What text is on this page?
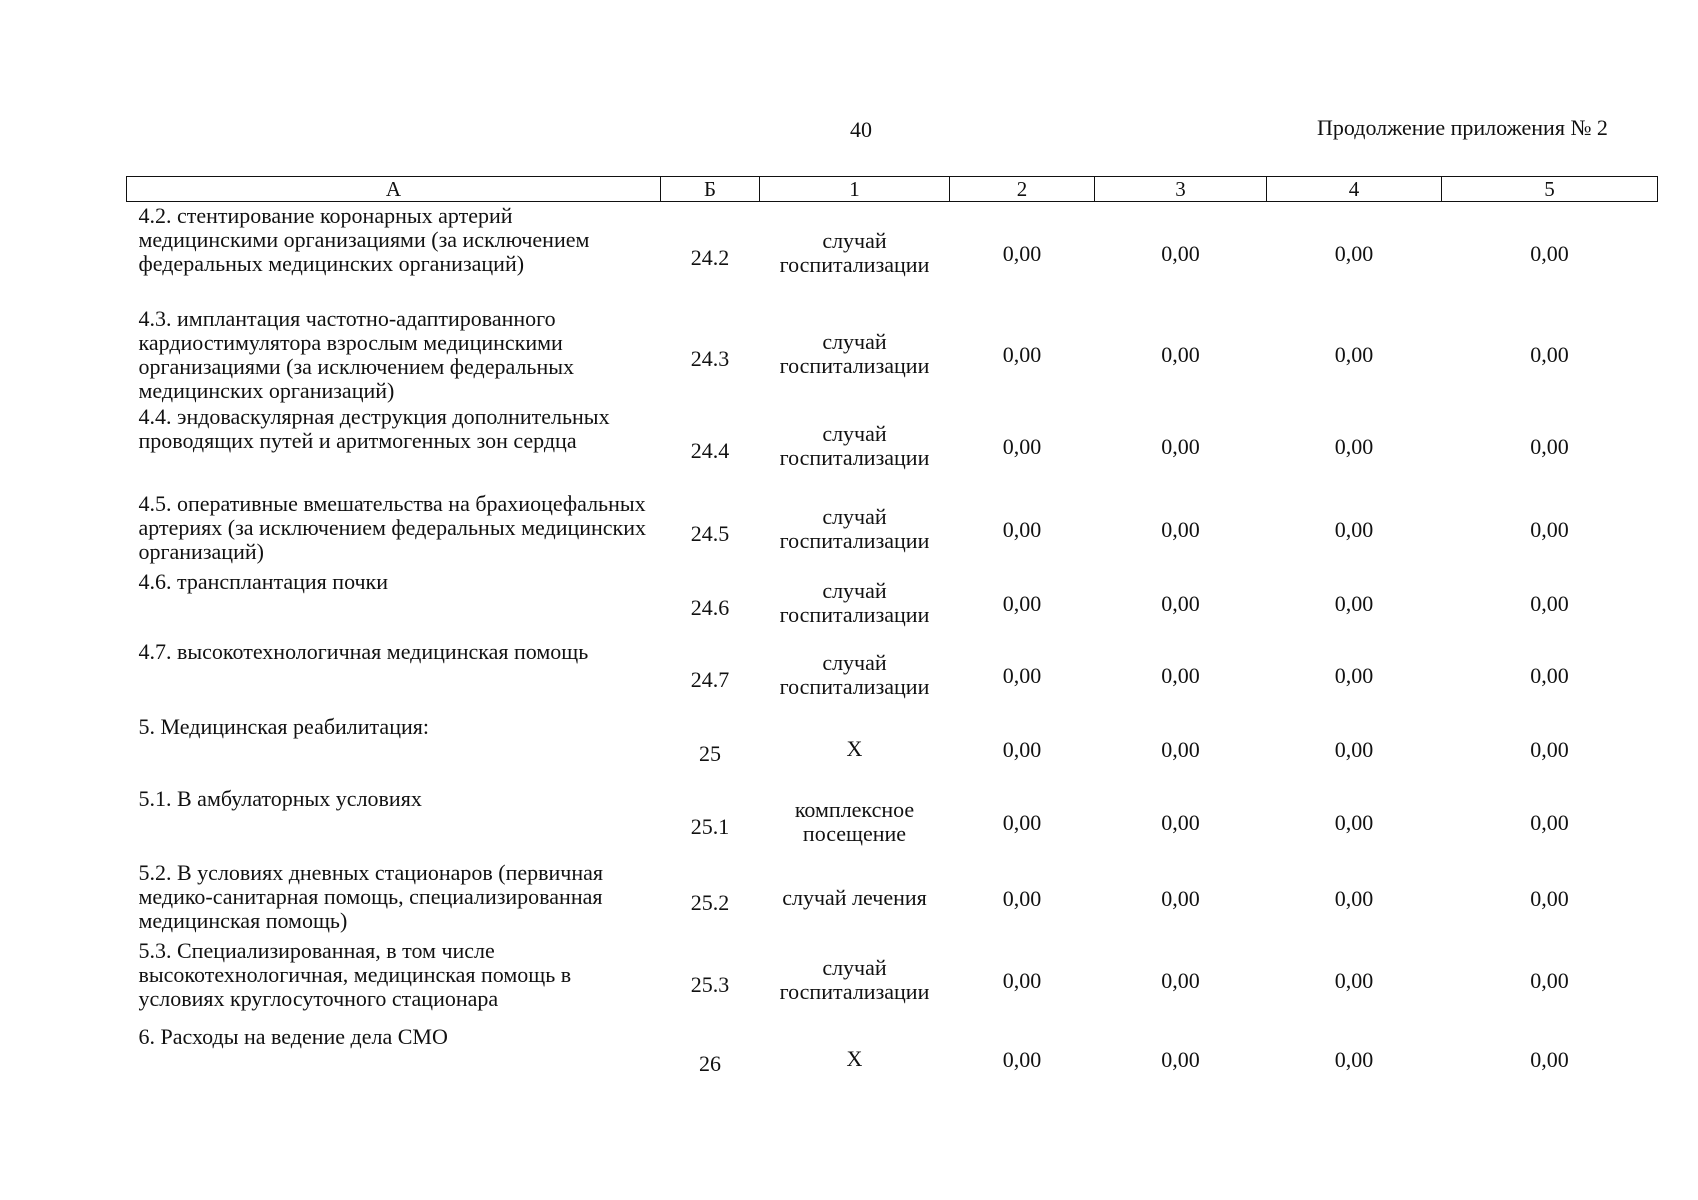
40	Продолжение приложения № 2
А	Б	1	2	3	4	5
4.2. стентирование коронарных артерий медицинскими организациями (за исключением федеральных медицинских организаций)	24.2	случай госпитализации	0,00	0,00	0,00	0,00
4.3. имплантация частотно-адаптированного кардиостимулятора взрослым медицинскими организациями (за исключением федеральных медицинских организаций)	24.3	случай госпитализации	0,00	0,00	0,00	0,00
4.4. эндоваскулярная деструкция дополнительных проводящих путей и аритмогенных зон сердца	24.4	случай госпитализации	0,00	0,00	0,00	0,00
4.5. оперативные вмешательства на брахиоцефальных артериях (за исключением федеральных медицинских организаций)	24.5	случай госпитализации	0,00	0,00	0,00	0,00
4.6. трансплантация почки	24.6	случай госпитализации	0,00	0,00	0,00	0,00
4.7. высокотехнологичная медицинская помощь	24.7	случай госпитализации	0,00	0,00	0,00	0,00
5. Медицинская реабилитация:	25	Х	0,00	0,00	0,00	0,00
5.1. В амбулаторных условиях	25.1	комплексное посещение	0,00	0,00	0,00	0,00
5.2. В условиях дневных стационаров (первичная медико-санитарная помощь, специализированная медицинская помощь)	25.2	случай лечения	0,00	0,00	0,00	0,00
5.3. Специализированная, в том числе высокотехнологичная, медицинская помощь в условиях круглосуточного стационара	25.3	случай госпитализации	0,00	0,00	0,00	0,00
6. Расходы на ведение дела СМО	26	Х	0,00	0,00	0,00	0,00
